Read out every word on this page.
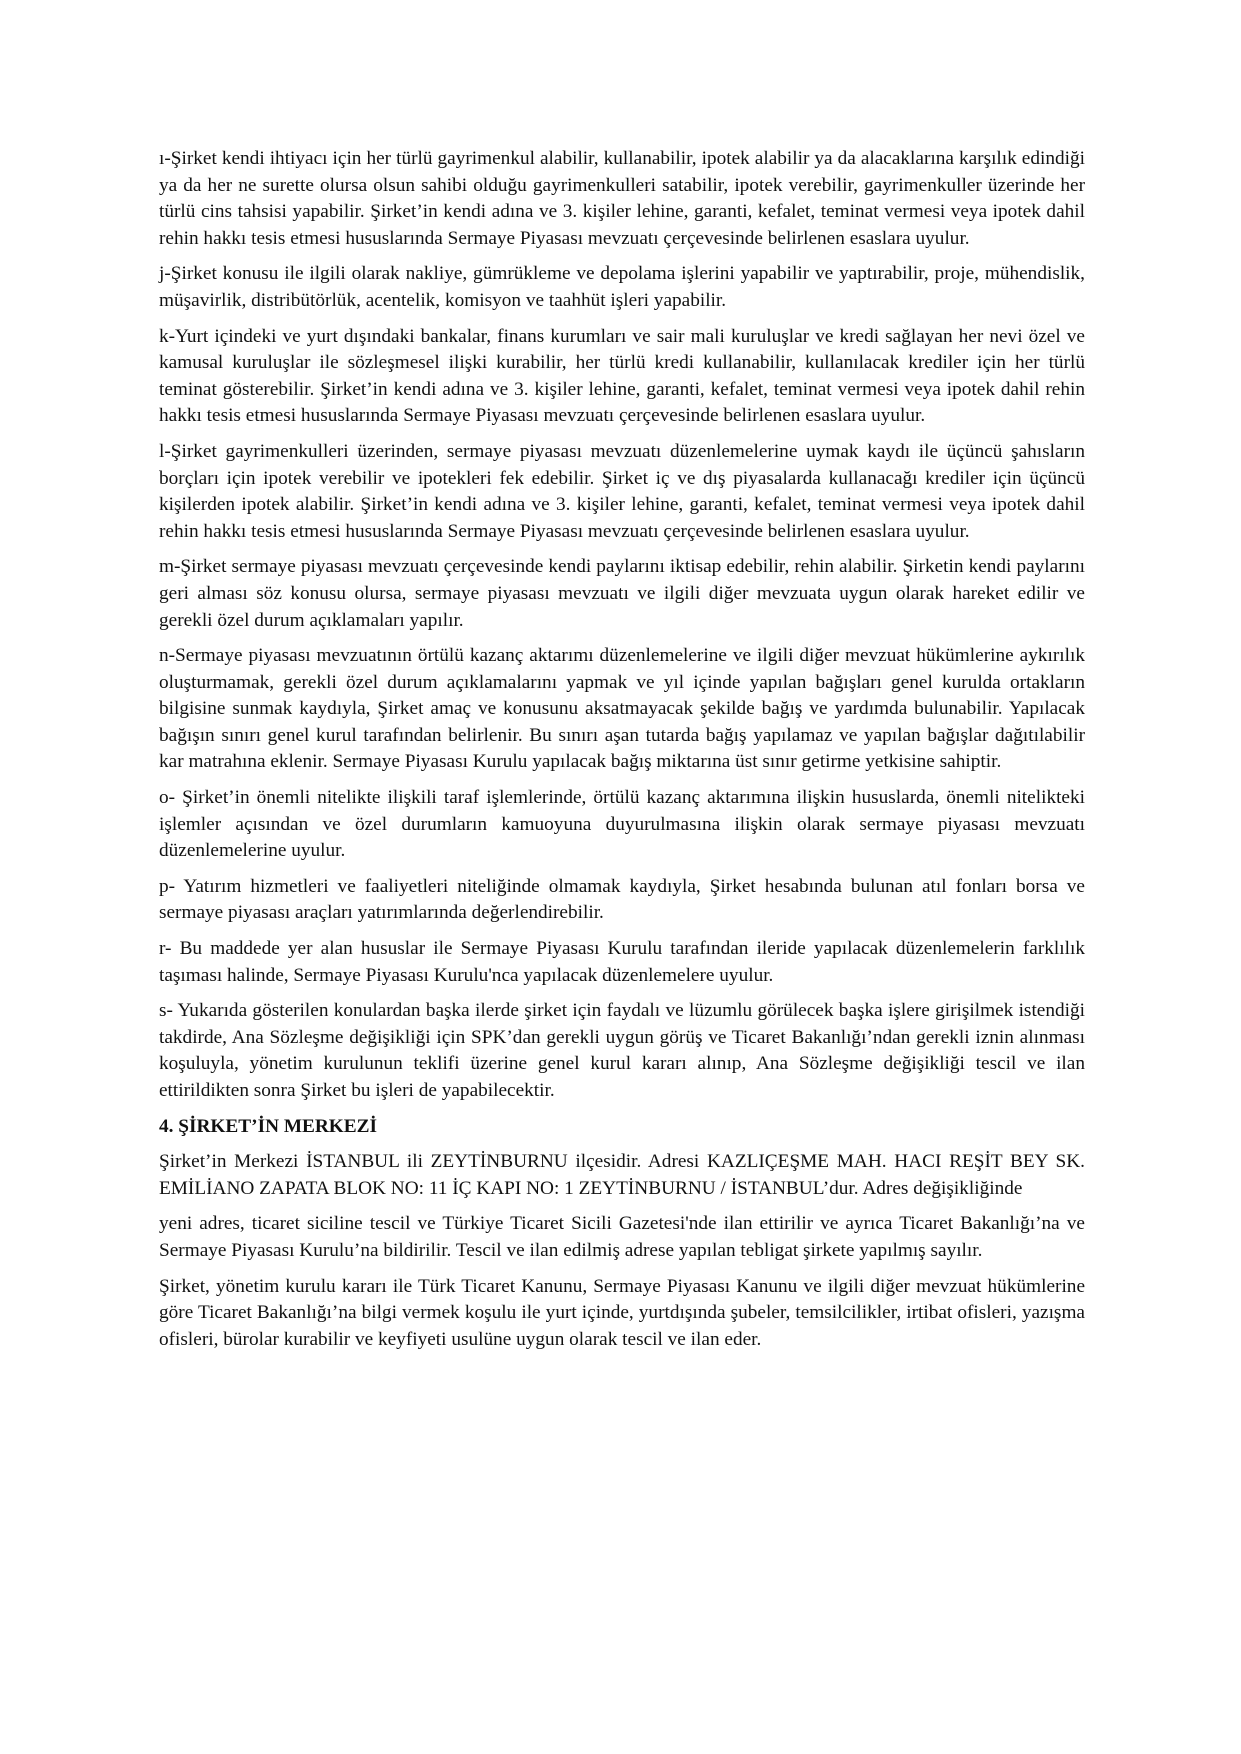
ı-Şirket kendi ihtiyacı için her türlü gayrimenkul alabilir, kullanabilir, ipotek alabilir ya da alacaklarına karşılık edindiği ya da her ne surette olursa olsun sahibi olduğu gayrimenkulleri satabilir, ipotek verebilir, gayrimenkuller üzerinde her türlü cins tahsisi yapabilir. Şirket’in kendi adına ve 3. kişiler lehine, garanti, kefalet, teminat vermesi veya ipotek dahil rehin hakkı tesis etmesi hususlarında Sermaye Piyasası mevzuatı çerçevesinde belirlenen esaslara uyulur.

j-Şirket konusu ile ilgili olarak nakliye, gümrükleme ve depolama işlerini yapabilir ve yaptırabilir, proje, mühendislik, müşavirlik, distribütörlük, acentelik, komisyon ve taahhüt işleri yapabilir.

k-Yurt içindeki ve yurt dışındaki bankalar, finans kurumları ve sair mali kuruluşlar ve kredi sağlayan her nevi özel ve kamusal kuruluşlar ile sözleşmesel ilişki kurabilir, her türlü kredi kullanabilir, kullanılacak krediler için her türlü teminat gösterebilir. Şirket’in kendi adına ve 3. kişiler lehine, garanti, kefalet, teminat vermesi veya ipotek dahil rehin hakkı tesis etmesi hususlarında Sermaye Piyasası mevzuatı çerçevesinde belirlenen esaslara uyulur.

l-Şirket gayrimenkulleri üzerinden, sermaye piyasası mevzuatı düzenlemelerine uymak kaydı ile üçüncü şahısların borçları için ipotek verebilir ve ipotekleri fek edebilir. Şirket iç ve dış piyasalarda kullanacağı krediler için üçüncü kişilerden ipotek alabilir. Şirket’in kendi adına ve 3. kişiler lehine, garanti, kefalet, teminat vermesi veya ipotek dahil rehin hakkı tesis etmesi hususlarında Sermaye Piyasası mevzuatı çerçevesinde belirlenen esaslara uyulur.

m-Şirket sermaye piyasası mevzuatı çerçevesinde kendi paylarını iktisap edebilir, rehin alabilir. Şirketin kendi paylarını geri alması söz konusu olursa, sermaye piyasası mevzuatı ve ilgili diğer mevzuata uygun olarak hareket edilir ve gerekli özel durum açıklamaları yapılır.

n-Sermaye piyasası mevzuatının örtülü kazanç aktarımı düzenlemelerine ve ilgili diğer mevzuat hükümlerine aykırılık oluşturmamak, gerekli özel durum açıklamalarını yapmak ve yıl içinde yapılan bağışları genel kurulda ortakların bilgisine sunmak kaydıyla, Şirket amaç ve konusunu aksatmayacak şekilde bağış ve yardımda bulunabilir. Yapılacak bağışın sınırı genel kurul tarafından belirlenir. Bu sınırı aşan tutarda bağış yapılamaz ve yapılan bağışlar dağıtılabilir kar matrahına eklenir. Sermaye Piyasası Kurulu yapılacak bağış miktarına üst sınır getirme yetkisine sahiptir.

o- Şirket’in önemli nitelikte ilişkili taraf işlemlerinde, örtülü kazanç aktarımına ilişkin hususlarda, önemli nitelikteki işlemler açısından ve özel durumların kamuoyuna duyurulmasına ilişkin olarak sermaye piyasası mevzuatı düzenlemelerine uyulur.

p- Yatırım hizmetleri ve faaliyetleri niteliğinde olmamak kaydıyla, Şirket hesabında bulunan atıl fonları borsa ve sermaye piyasası araçları yatırımlarında değerlendirebilir.

r- Bu maddede yer alan hususlar ile Sermaye Piyasası Kurulu tarafından ileride yapılacak düzenlemelerin farklılık taşıması halinde, Sermaye Piyasası Kurulu'nca yapılacak düzenlemelere uyulur.

s- Yukarıda gösterilen konulardan başka ilerde şirket için faydalı ve lüzumlu görülecek başka işlere girişilmek istendiği takdirde, Ana Sözleşme değişikliği için SPK’dan gerekli uygun görüş ve Ticaret Bakanlığı’ndan gerekli iznin alınması koşuluyla, yönetim kurulunun teklifi üzerine genel kurul kararı alınıp, Ana Sözleşme değişikliği tescil ve ilan ettirildikten sonra Şirket bu işleri de yapabilecektir.

4. ŞİRKET’İN MERKEZİ

Şirket’in Merkezi İSTANBUL ili ZEYTİNBURNU ilçesidir. Adresi KAZLIÇEŞME MAH. HACI REŞİT BEY SK. EMİLİANO ZAPATA BLOK NO: 11 İÇ KAPI NO: 1 ZEYTİNBURNU / İSTANBUL’dur. Adres değişikliğinde

yeni adres, ticaret siciline tescil ve Türkiye Ticaret Sicili Gazetesi'nde ilan ettirilir ve ayrıca Ticaret Bakanlığı’na ve Sermaye Piyasası Kurulu’na bildirilir. Tescil ve ilan edilmiş adrese yapılan tebligat şirkete yapılmış sayılır.

Şirket, yönetim kurulu kararı ile Türk Ticaret Kanunu, Sermaye Piyasası Kanunu ve ilgili diğer mevzuat hükümlerine göre Ticaret Bakanlığı’na bilgi vermek koşulu ile yurt içinde, yurtdışında şubeler, temsilcilikler, irtibat ofisleri, yazışma ofisleri, bürolar kurabilir ve keyfiyeti usulüne uygun olarak tescil ve ilan eder.
